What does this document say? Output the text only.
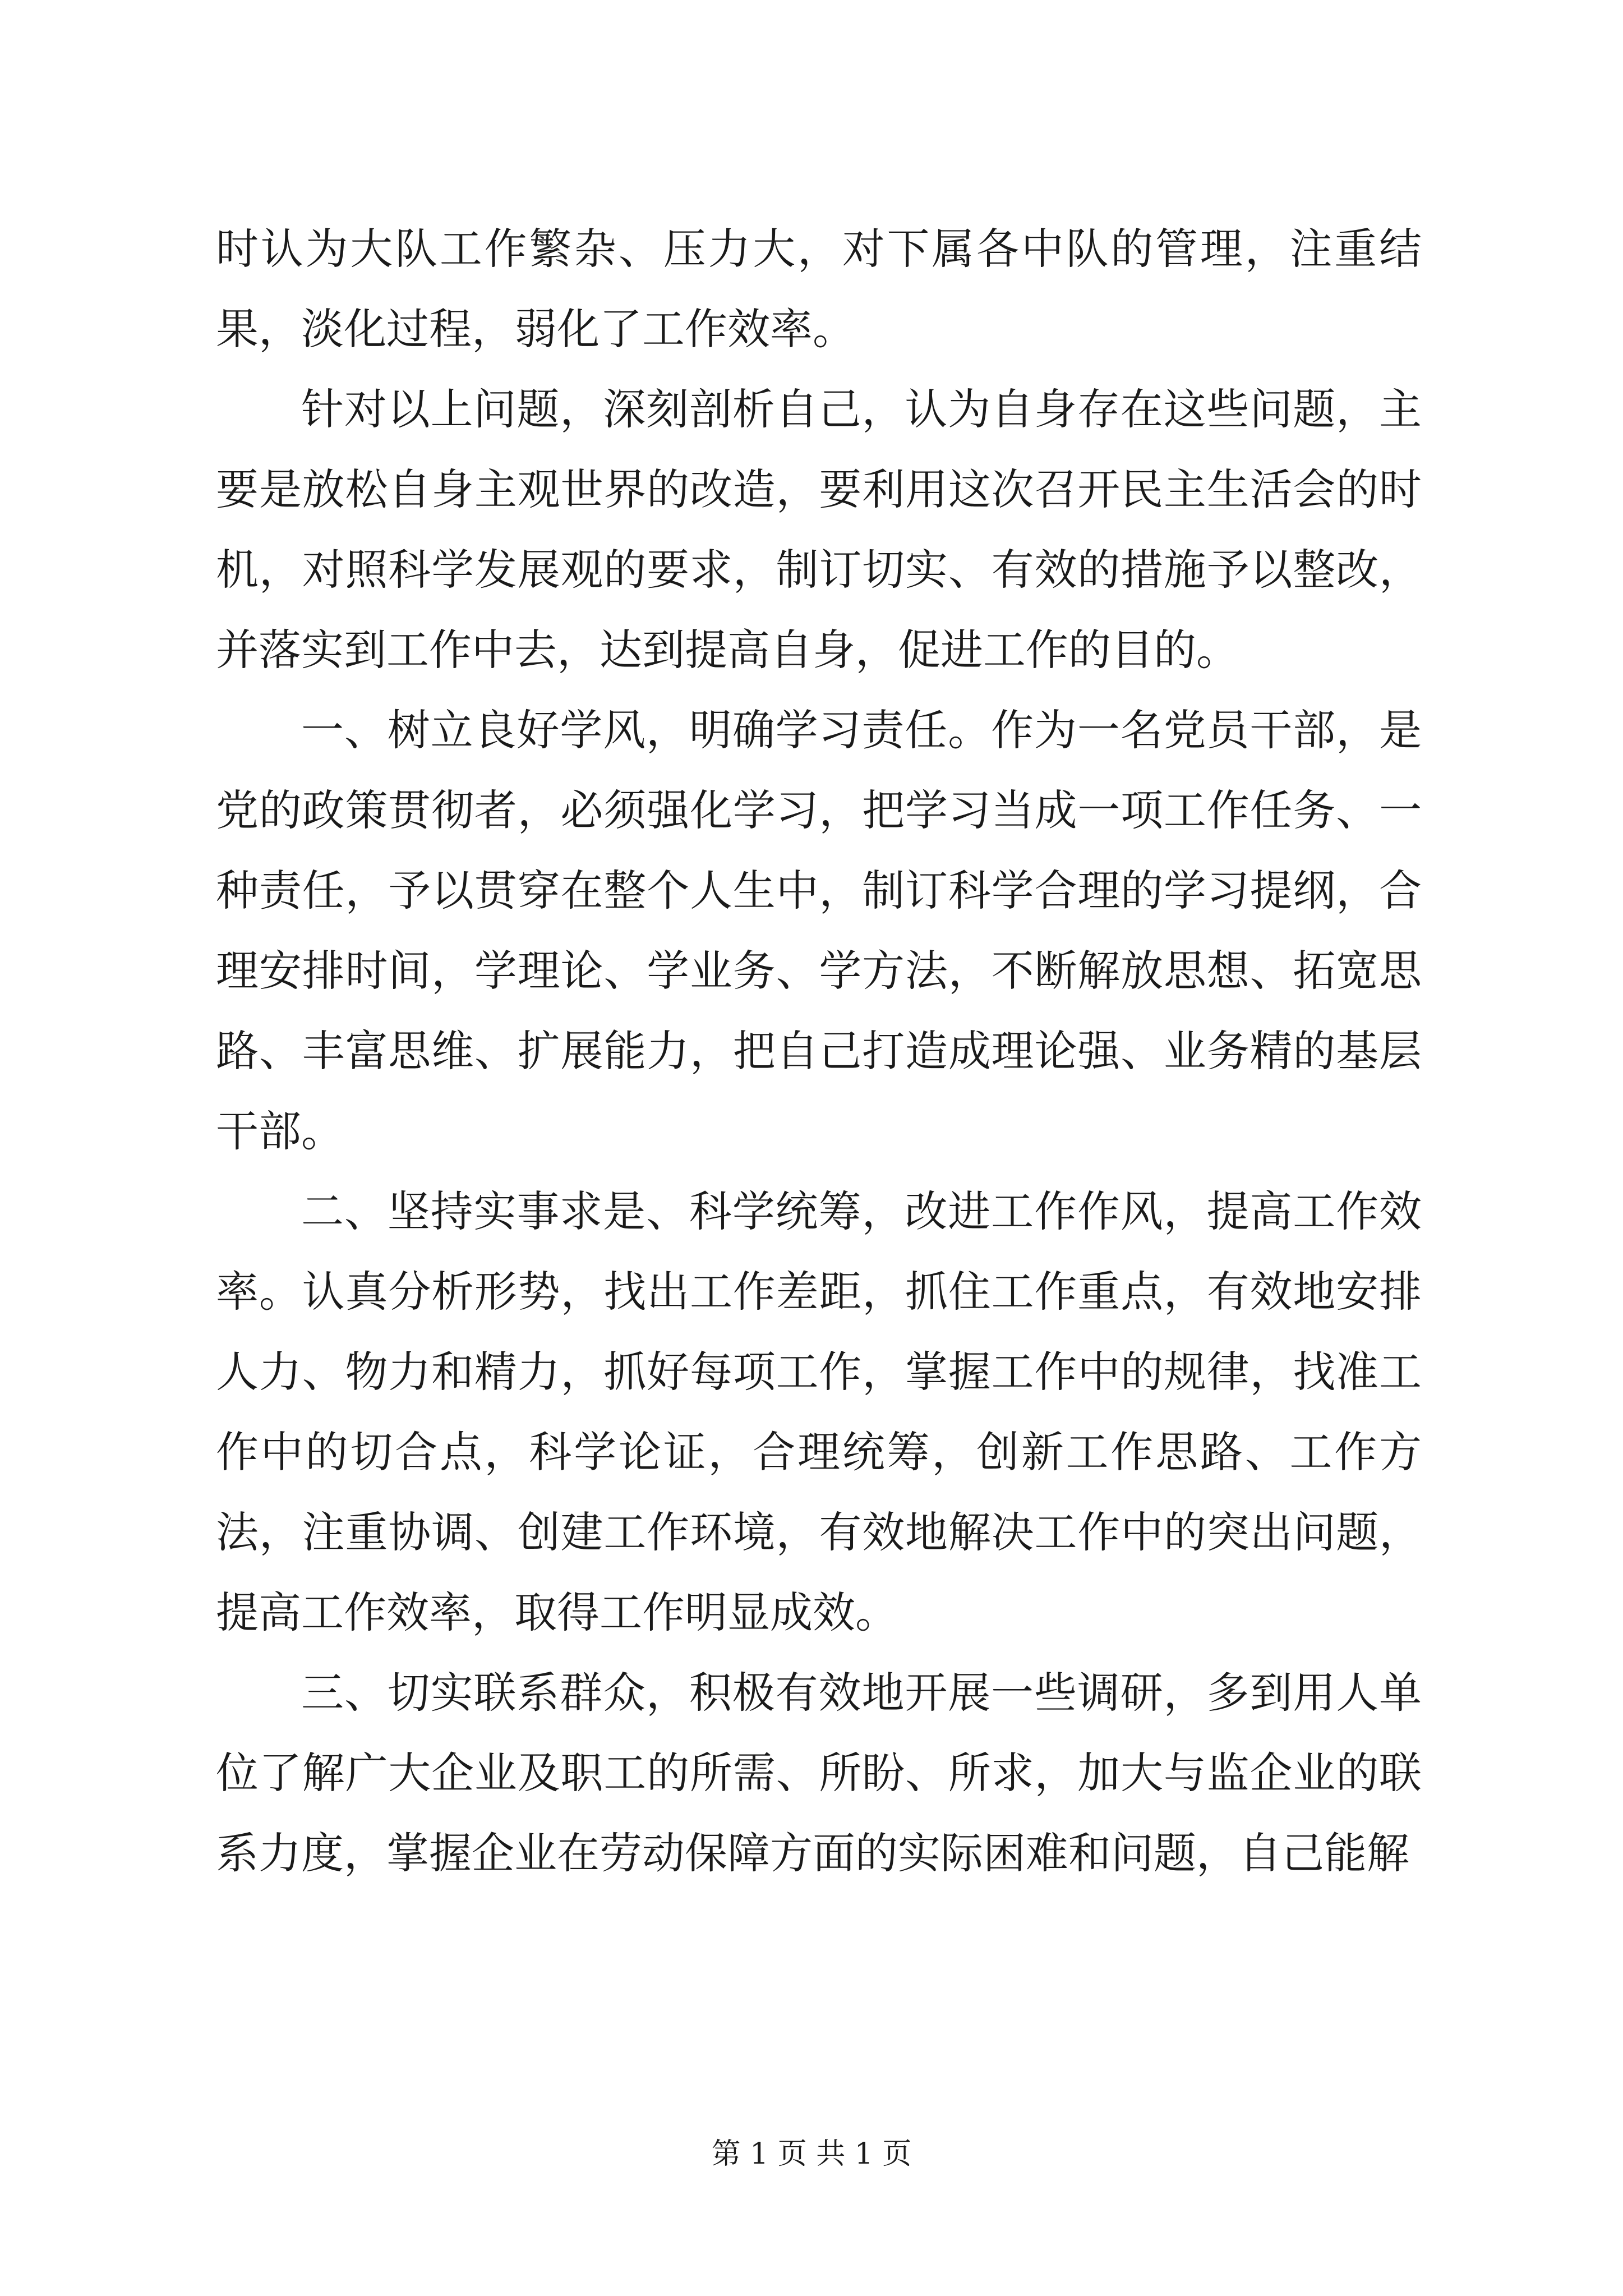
时认为大队工作繁杂、压力大，对下属各中队的管理，注重结果，淡化过程，弱化了工作效率。

针对以上问题，深刻剖析自己，认为自身存在这些问题，主要是放松自身主观世界的改造，要利用这次召开民主生活会的时机，对照科学发展观的要求，制订切实、有效的措施予以整改，并落实到工作中去，达到提高自身，促进工作的目的。

一、树立良好学风，明确学习责任。作为一名党员干部，是党的政策贯彻者，必须强化学习，把学习当成一项工作任务、一种责任，予以贯穿在整个人生中，制订科学合理的学习提纲，合理安排时间，学理论、学业务、学方法，不断解放思想、拓宽思路、丰富思维、扩展能力，把自己打造成理论强、业务精的基层干部。

二、坚持实事求是、科学统筹，改进工作作风，提高工作效率。认真分析形势，找出工作差距，抓住工作重点，有效地安排人力、物力和精力，抓好每项工作，掌握工作中的规律，找准工作中的切合点，科学论证，合理统筹，创新工作思路、工作方法，注重协调、创建工作环境，有效地解决工作中的突出问题，提高工作效率，取得工作明显成效。

三、切实联系群众，积极有效地开展一些调研，多到用人单位了解广大企业及职工的所需、所盼、所求，加大与监企业的联系力度，掌握企业在劳动保障方面的实际困难和问题，自己能解

第 1 页 共 1 页
